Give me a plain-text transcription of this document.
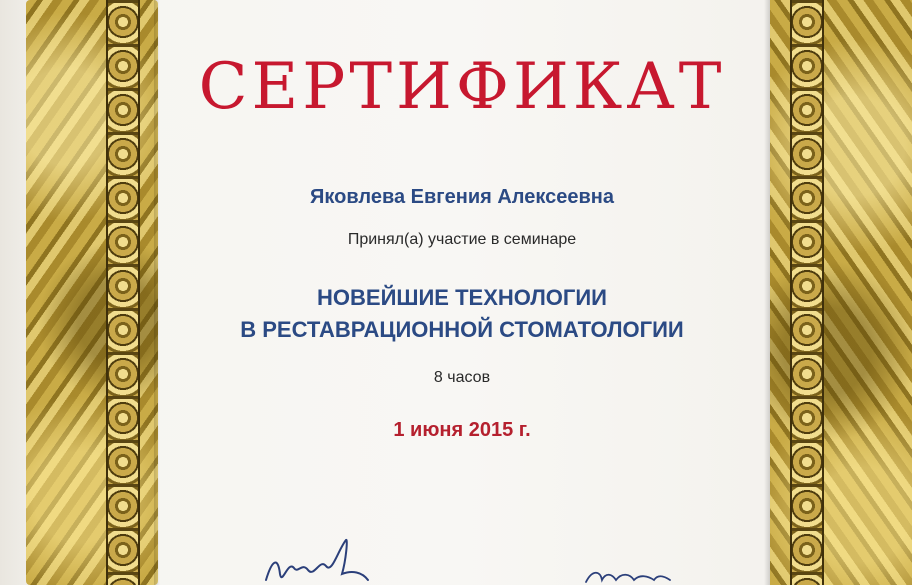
СЕРТИФИКАТ
Яковлева Евгения Алексеевна
Принял(а) участие в семинаре
НОВЕЙШИЕ ТЕХНОЛОГИИ
В РЕСТАВРАЦИОННОЙ СТОМАТОЛОГИИ
8 часов
1 июня 2015 г.
